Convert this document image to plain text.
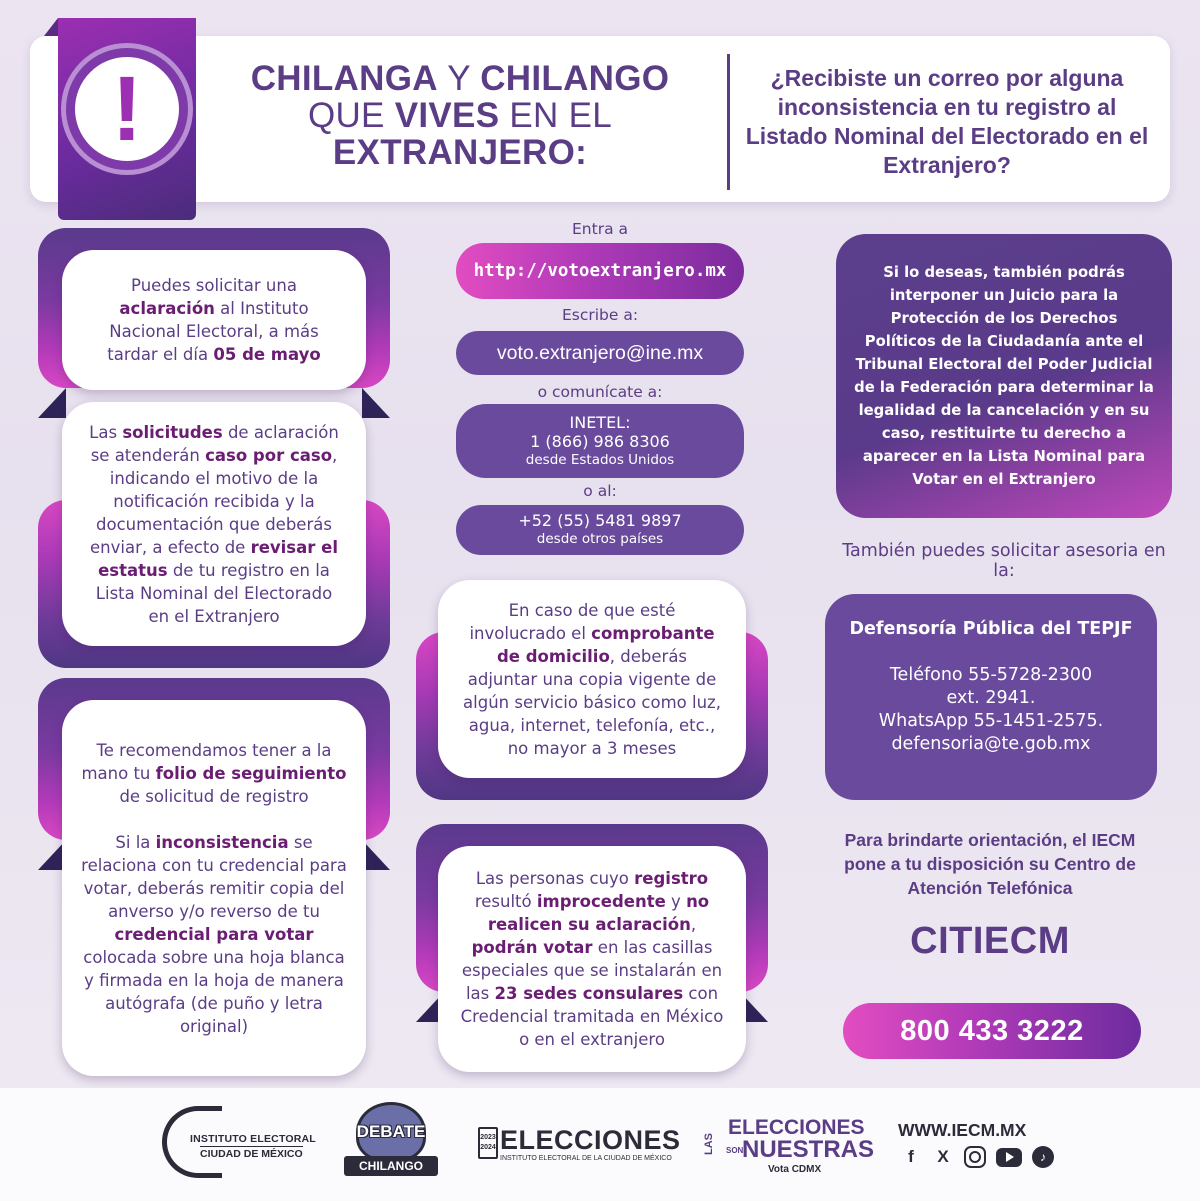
!	CHILANGA Y CHILANGO
QUE VIVES EN EL
EXTRANJERO:
¿Recibiste un correo por alguna inconsistencia en tu registro al Listado Nominal del Electorado en el Extranjero?
Puedes solicitar una
aclaración al Instituto Nacional Electoral, a más tardar el día 05 de mayo
Las solicitudes de aclaración se atenderán caso por caso, indicando el motivo de la notificación recibida y la documentación que deberás enviar, a efecto de revisar el estatus de tu registro en la Lista Nominal del Electorado en el Extranjero
Te recomendamos tener a la mano tu folio de seguimiento de solicitud de registro

Si la inconsistencia se relaciona con tu credencial para votar, deberás remitir copia del anverso y/o reverso de tu credencial para votar colocada sobre una hoja blanca y firmada en la hoja de manera autógrafa (de puño y letra original)
Entra a
http://votoextranjero.mx
Escribe a:
voto.extranjero@ine.mx
o comunícate a:
INETEL:
1 (866) 986 8306
desde Estados Unidos
o al:
+52 (55) 5481 9897
desde otros países
En caso de que esté involucrado el comprobante de domicilio, deberás adjuntar una copia vigente de algún servicio básico como luz, agua, internet, telefonía, etc., no mayor a 3 meses
Las personas cuyo registro resultó improcedente y no realicen su aclaración, podrán votar en las casillas especiales que se instalarán en las 23 sedes consulares con Credencial tramitada en México o en el extranjero
Si lo deseas, también podrás interponer un Juicio para la Protección de los Derechos Políticos de la Ciudadanía ante el Tribunal Electoral del Poder Judicial de la Federación para determinar la legalidad de la cancelación y en su caso, restituirte tu derecho a aparecer en la Lista Nominal para Votar en el Extranjero
También puedes solicitar asesoria en la:
Defensoría Pública del TEPJF
Teléfono 55-5728-2300
ext. 2941.
WhatsApp 55-1451-2575.
defensoria@te.gob.mx
Para brindarte orientación, el IECM pone a tu disposición su Centro de Atención Telefónica
CITIECM
800 433 3222
INSTITUTO ELECTORAL
CIUDAD DE MÉXICO
DEBATE
CHILANGO
2023 2024 ELECCIONES
INSTITUTO ELECTORAL DE LA CIUDAD DE MÉXICO
LAS
ELECCIONES
SON
NUESTRAS
Vota CDMX
WWW.IECM.MX
f	X	♪
